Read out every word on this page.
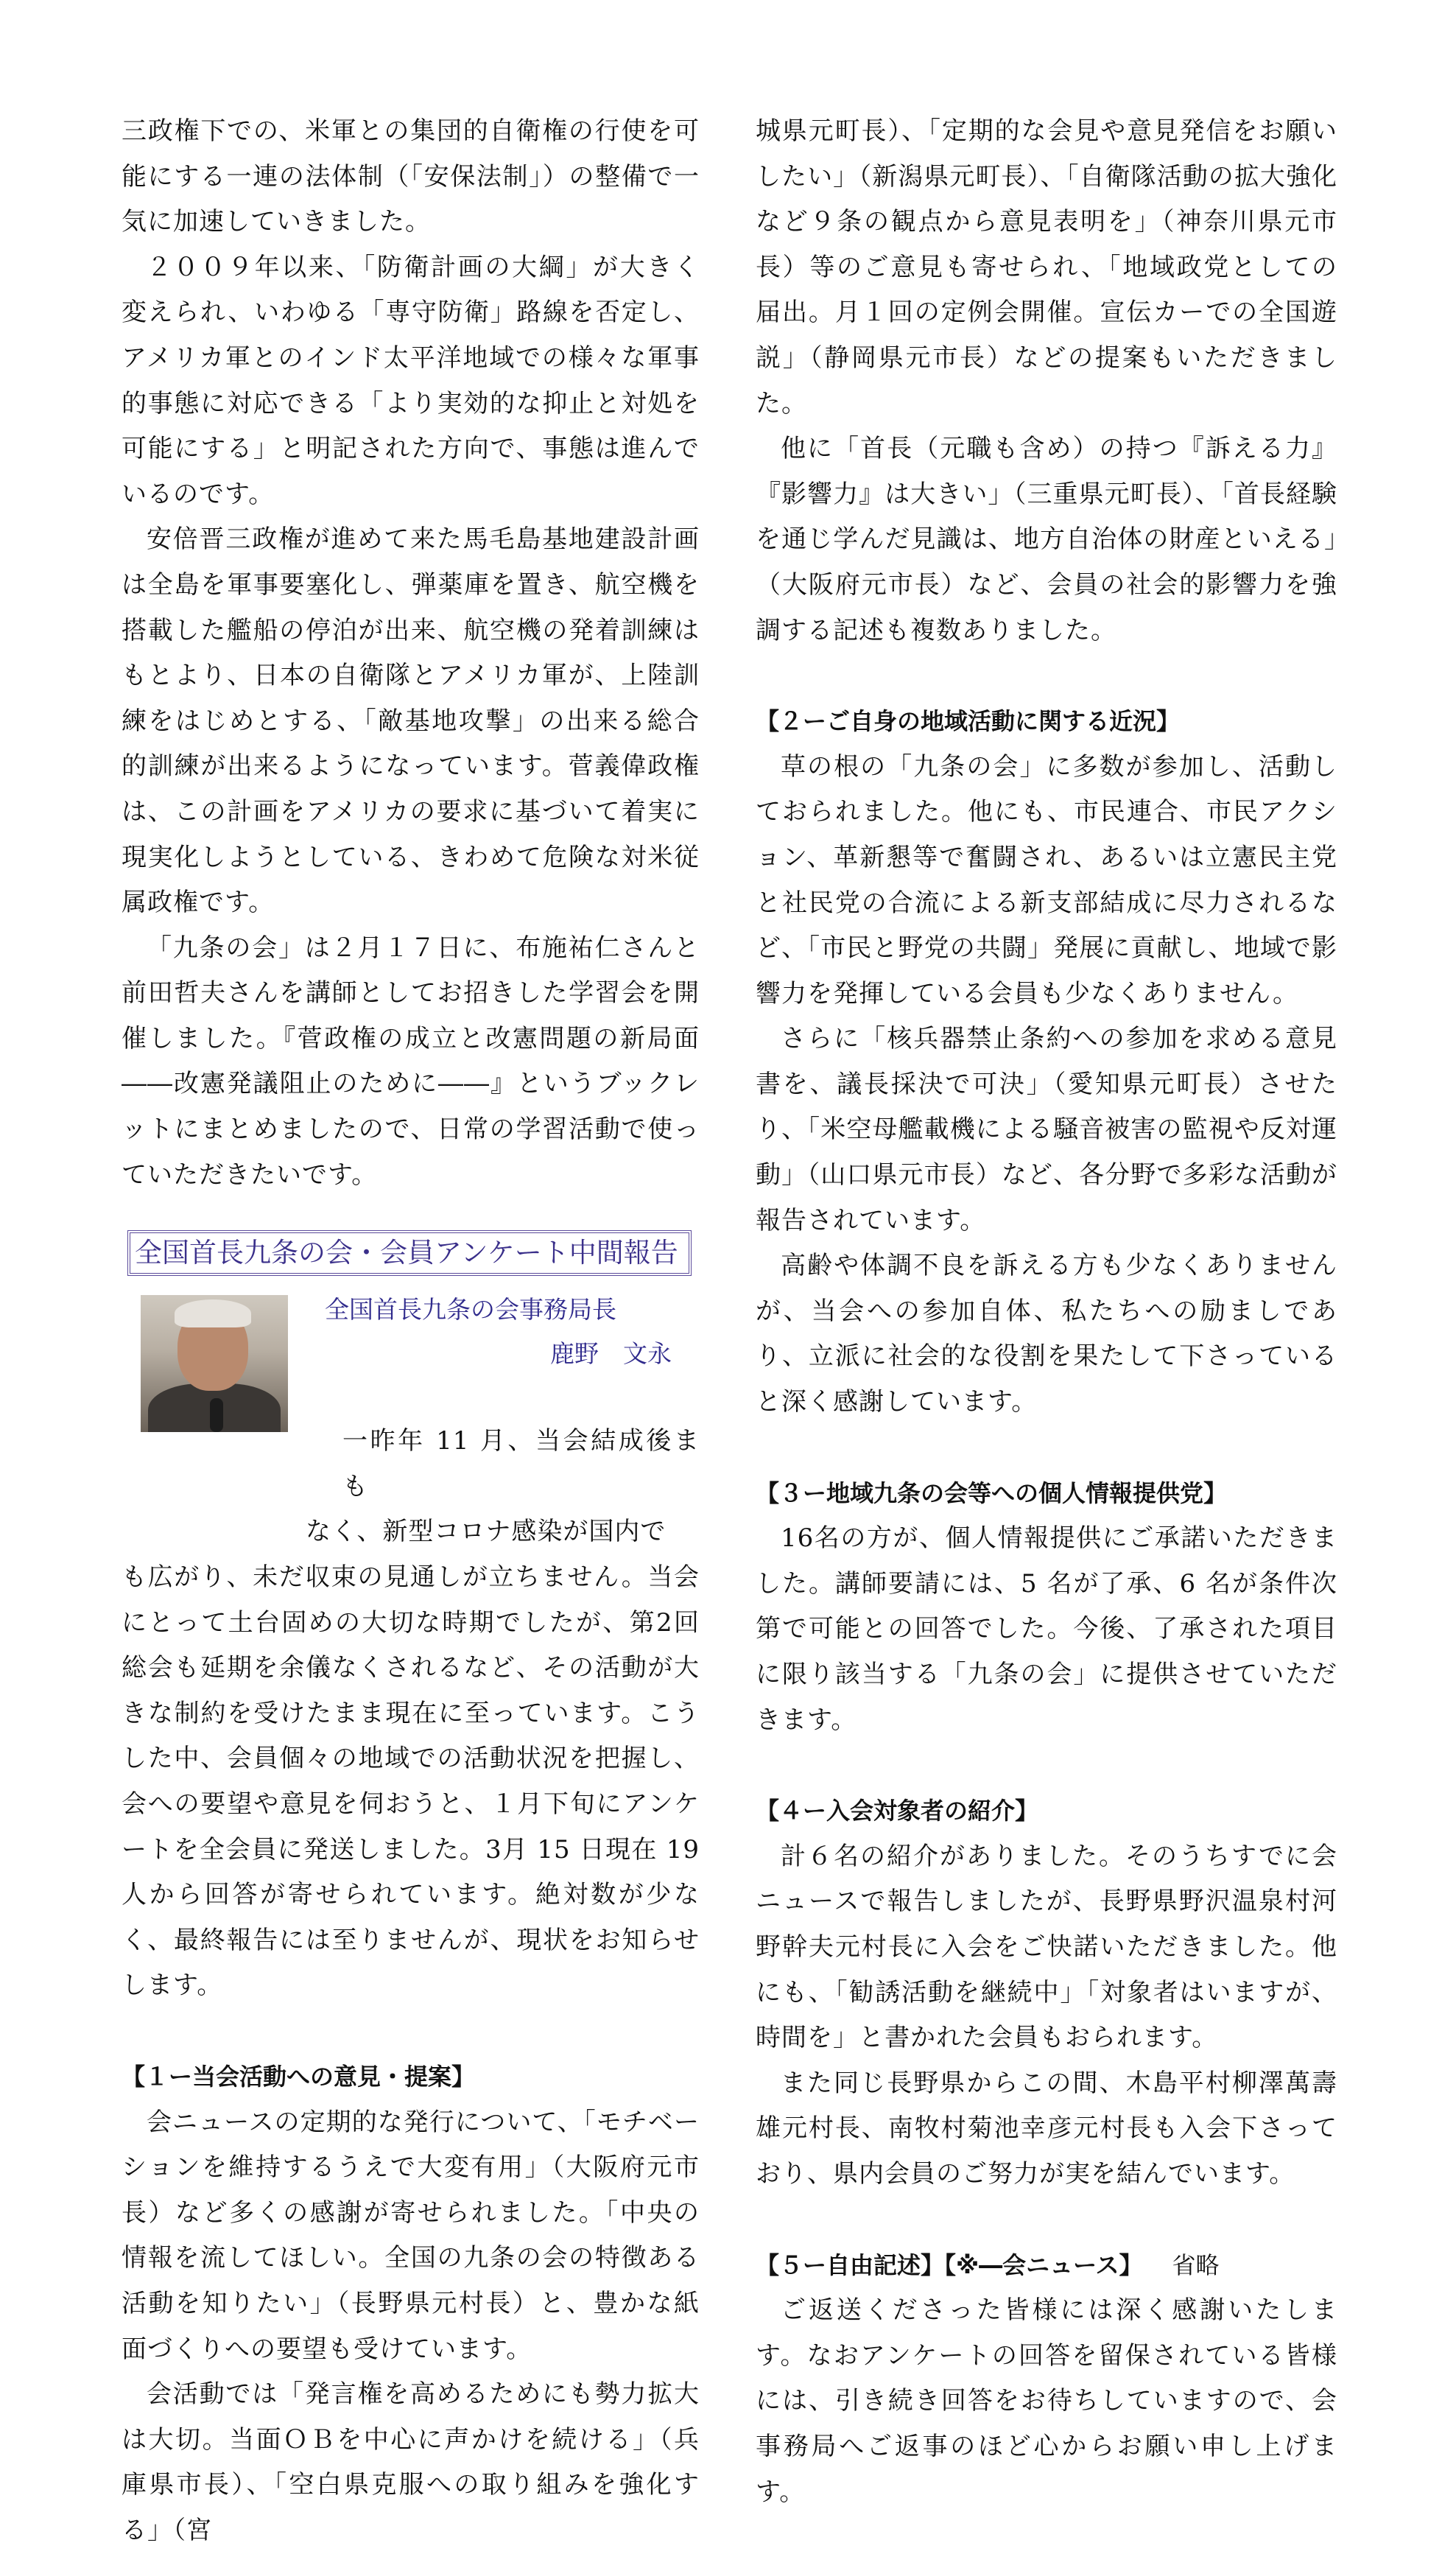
三政権下での、米軍との集団的自衛権の行使を可能にする一連の法体制（「安保法制」）の整備で一気に加速していきました。

２００９年以来、「防衛計画の大綱」が大きく変えられ、いわゆる「専守防衛」路線を否定し、アメリカ軍とのインド太平洋地域での様々な軍事的事態に対応できる「より実効的な抑止と対処を可能にする」と明記された方向で、事態は進んでいるのです。

安倍晋三政権が進めて来た馬毛島基地建設計画は全島を軍事要塞化し、弾薬庫を置き、航空機を搭載した艦船の停泊が出来、航空機の発着訓練はもとより、日本の自衛隊とアメリカ軍が、上陸訓練をはじめとする、「敵基地攻撃」の出来る総合的訓練が出来るようになっています。菅義偉政権は、この計画をアメリカの要求に基づいて着実に現実化しようとしている、きわめて危険な対米従属政権です。

「九条の会」は２月１７日に、布施祐仁さんと前田哲夫さんを講師としてお招きした学習会を開催しました。『菅政権の成立と改憲問題の新局面――改憲発議阻止のために――』というブックレットにまとめましたので、日常の学習活動で使っていただきたいです。

全国首長九条の会・会員アンケート中間報告
全国首長九条の会事務局長
鹿野　文永

一昨年 11 月、当会結成後まも

なく、新型コロナ感染が国内で

も広がり、未だ収束の見通しが立ちません。当会にとって土台固めの大切な時期でしたが、第2回総会も延期を余儀なくされるなど、その活動が大きな制約を受けたまま現在に至っています。こうした中、会員個々の地域での活動状況を把握し、会への要望や意見を伺おうと、１月下旬にアンケートを全会員に発送しました。3月 15 日現在 19 人から回答が寄せられています。絶対数が少なく、最終報告には至りませんが、現状をお知らせします。

【１ー当会活動への意見・提案】

会ニュースの定期的な発行について、「モチベーションを維持するうえで大変有用」（大阪府元市長）など多くの感謝が寄せられました。「中央の情報を流してほしい。全国の九条の会の特徴ある活動を知りたい」（長野県元村長）と、豊かな紙面づくりへの要望も受けています。

会活動では「発言権を高めるためにも勢力拡大は大切。当面ＯＢを中心に声かけを続ける」（兵庫県市長）、「空白県克服への取り組みを強化する」（宮

城県元町長）、「定期的な会見や意見発信をお願いしたい」（新潟県元町長）、「自衛隊活動の拡大強化など９条の観点から意見表明を」（神奈川県元市長）等のご意見も寄せられ、「地域政党としての届出。月１回の定例会開催。宣伝カーでの全国遊説」（静岡県元市長）などの提案もいただきました。

他に「首長（元職も含め）の持つ『訴える力』『影響力』は大きい」（三重県元町長）、「首長経験を通じ学んだ見識は、地方自治体の財産といえる」（大阪府元市長）など、会員の社会的影響力を強調する記述も複数ありました。

【２ーご自身の地域活動に関する近況】

草の根の「九条の会」に多数が参加し、活動しておられました。他にも、市民連合、市民アクション、革新懇等で奮闘され、あるいは立憲民主党と社民党の合流による新支部結成に尽力されるなど、「市民と野党の共闘」発展に貢献し、地域で影響力を発揮している会員も少なくありません。

さらに「核兵器禁止条約への参加を求める意見書を、議長採決で可決」（愛知県元町長）させたり、「米空母艦載機による騒音被害の監視や反対運動」（山口県元市長）など、各分野で多彩な活動が報告されています。

高齢や体調不良を訴える方も少なくありませんが、当会への参加自体、私たちへの励ましであり、立派に社会的な役割を果たして下さっていると深く感謝しています。

【３ー地域九条の会等への個人情報提供党】

16名の方が、個人情報提供にご承諾いただきました。講師要請には、5 名が了承、6 名が条件次第で可能との回答でした。今後、了承された項目に限り該当する「九条の会」に提供させていただきます。

【４ー入会対象者の紹介】

計６名の紹介がありました。そのうちすでに会ニュースで報告しましたが、長野県野沢温泉村河野幹夫元村長に入会をご快諾いただきました。他にも、「勧誘活動を継続中」「対象者はいますが、時間を」と書かれた会員もおられます。

また同じ長野県からこの間、木島平村柳澤萬壽雄元村長、南牧村菊池幸彦元村長も入会下さっており、県内会員のご努力が実を結んでいます。

【５ー自由記述】【※―会ニュース】 省略

ご返送くださった皆様には深く感謝いたします。なおアンケートの回答を留保されている皆様には、引き続き回答をお待ちしていますので、会事務局へご返事のほど心からお願い申し上げます。
